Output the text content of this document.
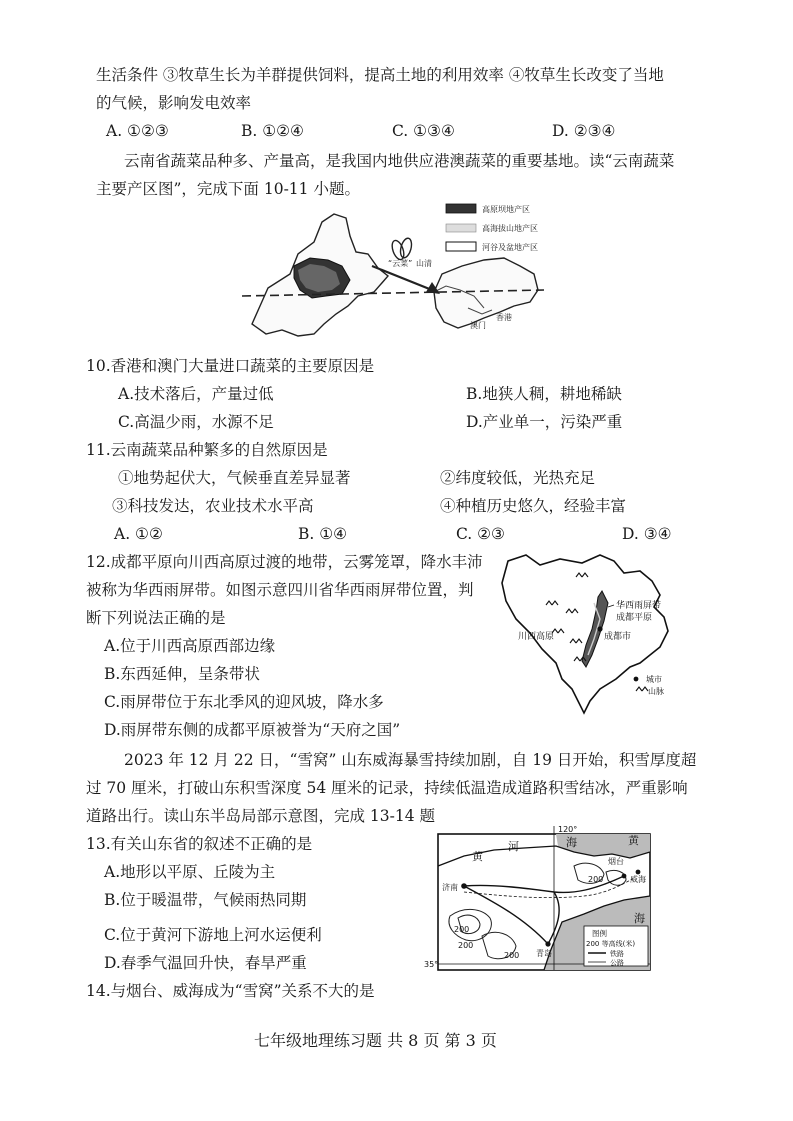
生活条件 ③牧草生长为羊群提供饲料，提高土地的利用效率 ④牧草生长改变了当地
的气候，影响发电效率
A. ①②③	B. ①②④	C. ①③④	D. ②③④
云南省蔬菜品种多、产量高，是我国内地供应港澳蔬菜的重要基地。读“云南蔬菜
主要产区图”，完成下面 10-11 小题。
高原坝地产区
高海拔山地产区
河谷及盆地产区
“云菜” 山清
香港
澳门
10.香港和澳门大量进口蔬菜的主要原因是
A.技术落后，产量过低	B.地狭人稠，耕地稀缺
C.高温少雨，水源不足	D.产业单一，污染严重
11.云南蔬菜品种繁多的自然原因是
①地势起伏大，气候垂直差异显著	②纬度较低，光热充足
③科技发达，农业技术水平高	④种植历史悠久，经验丰富
A. ①②	B. ①④	C. ②③	D. ③④
12.成都平原向川西高原过渡的地带，云雾笼罩，降水丰沛
被称为华西雨屏带。如图示意四川省华西雨屏带位置，判
断下列说法正确的是
A.位于川西高原西部边缘
B.东西延伸，呈条带状
C.雨屏带位于东北季风的迎风坡，降水多
D.雨屏带东侧的成都平原被誉为“天府之国”
华西雨屏带
成都平原
川西高原	成都市
城市
山脉
2023 年 12 月 22 日，“雪窝” 山东威海暴雪持续加剧，自 19 日开始，积雪厚度超
过 70 厘米，打破山东积雪深度 54 厘米的记录，持续低温造成道路积雪结冰，严重影响
道路出行。读山东半岛局部示意图，完成 13-14 题
13.有关山东省的叙述不正确的是
A.地形以平原、丘陵为主
B.位于暖温带，气候雨热同期
C.位于黄河下游地上河水运便利
D.春季气温回升快，春旱严重
120°
35°
黄
河	海
烟台
威海
黄
海
济南
青岛
200
200
200
200
图例
200 等高线(米)
铁路
公路
14.与烟台、威海成为“雪窝”关系不大的是
七年级地理练习题 共 8 页 第 3 页
